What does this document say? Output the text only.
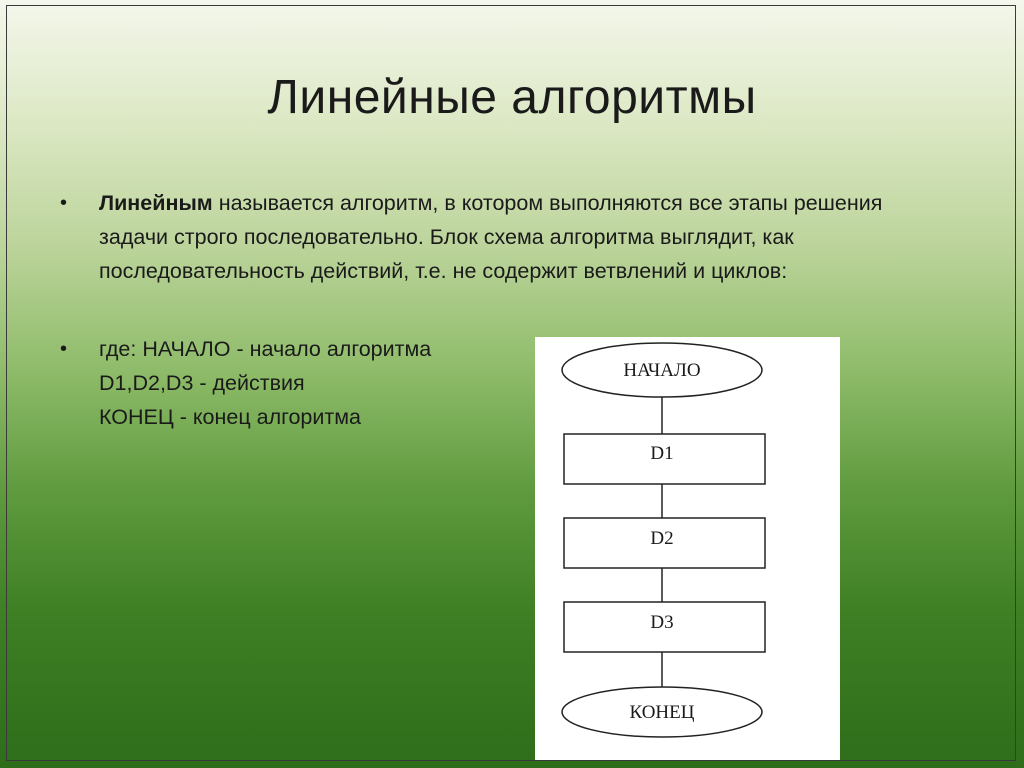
Линейные алгоритмы
• Линейным называется алгоритм, в котором выполняются все этапы решения задачи строго последовательно. Блок схема алгоритма выглядит, как последовательность действий, т.е. не содержит ветвлений и циклов:
• где: НАЧАЛО - начало алгоритма
D1,D2,D3 - действия
КОНЕЦ - конец алгоритма
НАЧАЛО
D1
D2
D3
КОНЕЦ
